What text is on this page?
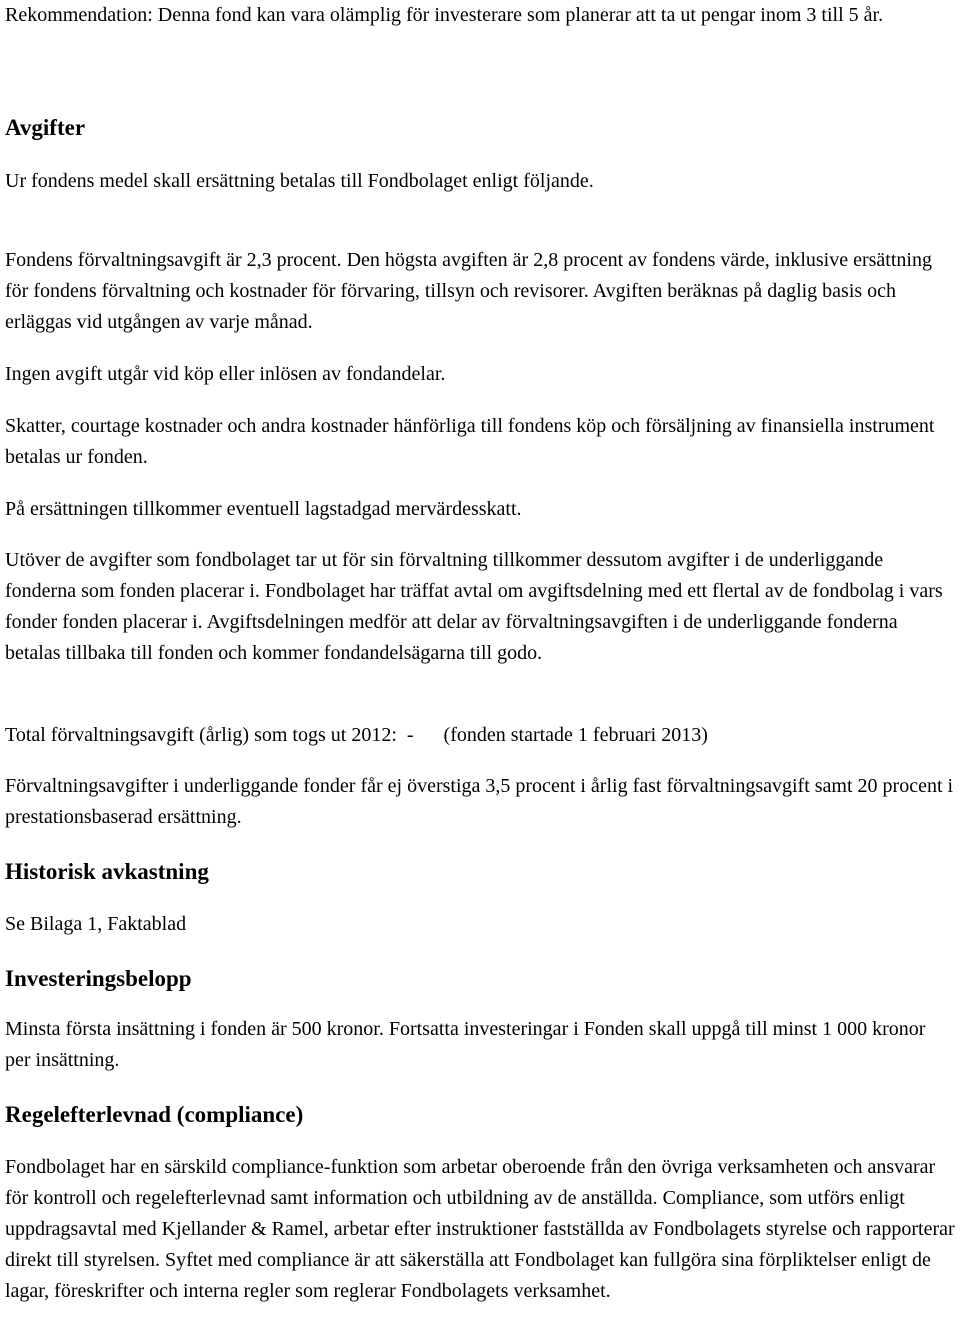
Rekommendation: Denna fond kan vara olämplig för investerare som planerar att ta ut pengar inom 3 till 5 år.

Avgifter

Ur fondens medel skall ersättning betalas till Fondbolaget enligt följande.

Fondens förvaltningsavgift är 2,3 procent. Den högsta avgiften är 2,8 procent av fondens värde, inklusive ersättning för fondens förvaltning och kostnader för förvaring, tillsyn och revisorer. Avgiften beräknas på daglig basis och erläggas vid utgången av varje månad.

Ingen avgift utgår vid köp eller inlösen av fondandelar.

Skatter, courtage kostnader och andra kostnader hänförliga till fondens köp och försäljning av finansiella instrument betalas ur fonden.

På ersättningen tillkommer eventuell lagstadgad mervärdesskatt.

Utöver de avgifter som fondbolaget tar ut för sin förvaltning tillkommer dessutom avgifter i de underliggande fonderna som fonden placerar i. Fondbolaget har träffat avtal om avgiftsdelning med ett flertal av de fondbolag i vars fonder fonden placerar i. Avgiftsdelningen medför att delar av förvaltningsavgiften i de underliggande fonderna betalas tillbaka till fonden och kommer fondandelsägarna till godo.

Total förvaltningsavgift (årlig) som togs ut 2012:  - (fonden startade 1 februari 2013)

Förvaltningsavgifter i underliggande fonder får ej överstiga 3,5 procent i årlig fast förvaltningsavgift samt 20 procent i prestationsbaserad ersättning.

Historisk avkastning

Se Bilaga 1, Faktablad

Investeringsbelopp

Minsta första insättning i fonden är 500 kronor. Fortsatta investeringar i Fonden skall uppgå till minst 1 000 kronor per insättning.

Regelefterlevnad (compliance)

Fondbolaget har en särskild compliance-funktion som arbetar oberoende från den övriga verksamheten och ansvarar för kontroll och regelefterlevnad samt information och utbildning av de anställda. Compliance, som utförs enligt uppdragsavtal med Kjellander & Ramel, arbetar efter instruktioner fastställda av Fondbolagets styrelse och rapporterar direkt till styrelsen. Syftet med compliance är att säkerställa att Fondbolaget kan fullgöra sina förpliktelser enligt de lagar, föreskrifter och interna regler som reglerar Fondbolagets verksamhet.
